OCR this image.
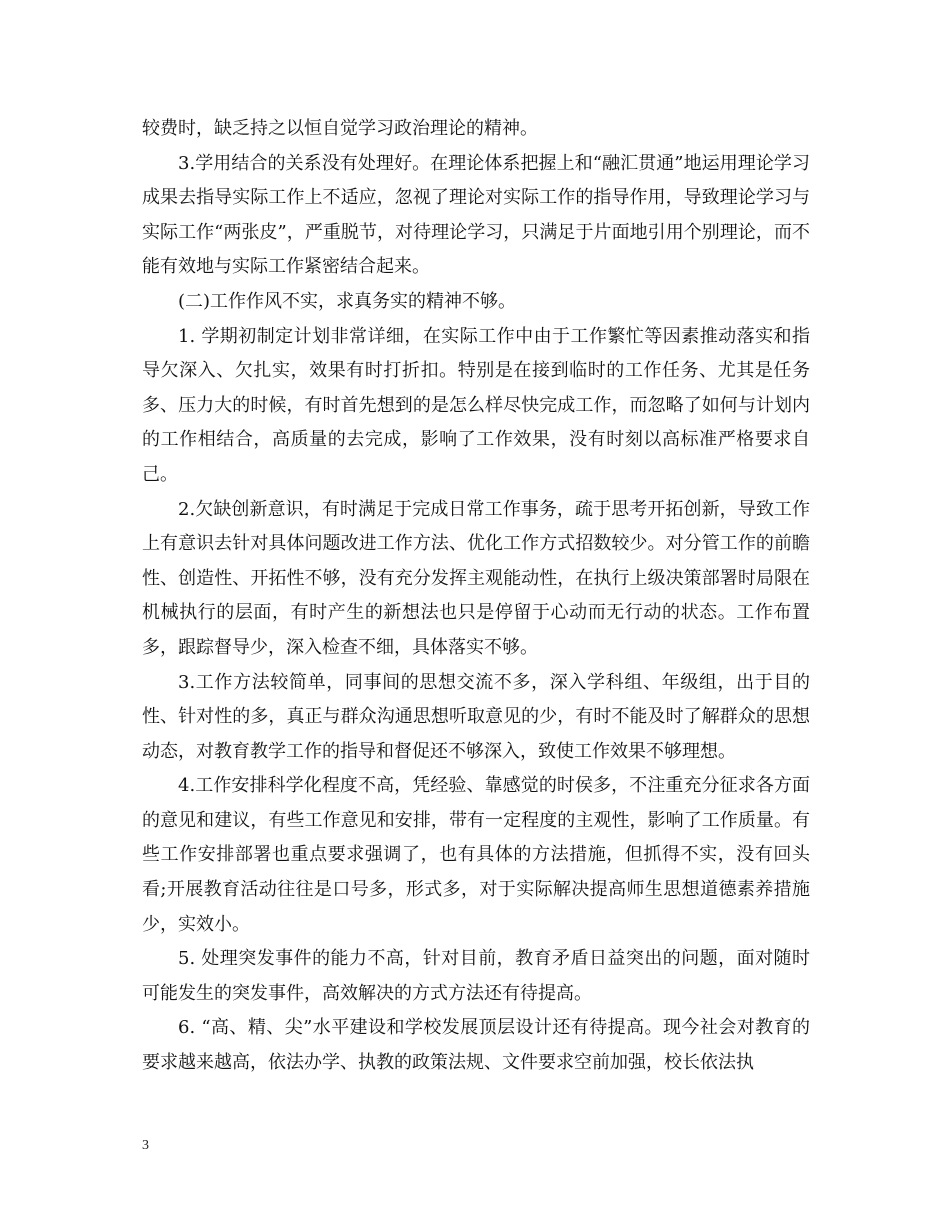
较费时，缺乏持之以恒自觉学习政治理论的精神。

3.学用结合的关系没有处理好。在理论体系把握上和“融汇贯通”地运用理论学习成果去指导实际工作上不适应，忽视了理论对实际工作的指导作用，导致理论学习与实际工作“两张皮”，严重脱节，对待理论学习，只满足于片面地引用个别理论，而不能有效地与实际工作紧密结合起来。

(二)工作作风不实，求真务实的精神不够。

1. 学期初制定计划非常详细，在实际工作中由于工作繁忙等因素推动落实和指导欠深入、欠扎实，效果有时打折扣。特别是在接到临时的工作任务、尤其是任务多、压力大的时候，有时首先想到的是怎么样尽快完成工作，而忽略了如何与计划内的工作相结合，高质量的去完成，影响了工作效果，没有时刻以高标准严格要求自己。

2.欠缺创新意识，有时满足于完成日常工作事务，疏于思考开拓创新，导致工作上有意识去针对具体问题改进工作方法、优化工作方式招数较少。对分管工作的前瞻性、创造性、开拓性不够，没有充分发挥主观能动性，在执行上级决策部署时局限在机械执行的层面，有时产生的新想法也只是停留于心动而无行动的状态。工作布置多，跟踪督导少，深入检查不细，具体落实不够。

3.工作方法较简单，同事间的思想交流不多，深入学科组、年级组，出于目的性、针对性的多，真正与群众沟通思想听取意见的少，有时不能及时了解群众的思想动态，对教育教学工作的指导和督促还不够深入，致使工作效果不够理想。

4.工作安排科学化程度不高，凭经验、靠感觉的时侯多，不注重充分征求各方面的意见和建议，有些工作意见和安排，带有一定程度的主观性，影响了工作质量。有些工作安排部署也重点要求强调了，也有具体的方法措施，但抓得不实，没有回头看;开展教育活动往往是口号多，形式多，对于实际解决提高师生思想道德素养措施少，实效小。

5. 处理突发事件的能力不高，针对目前，教育矛盾日益突出的问题，面对随时可能发生的突发事件，高效解决的方式方法还有待提高。

6. “高、精、尖”水平建设和学校发展顶层设计还有待提高。现今社会对教育的要求越来越高，依法办学、执教的政策法规、文件要求空前加强，校长依法执

3
